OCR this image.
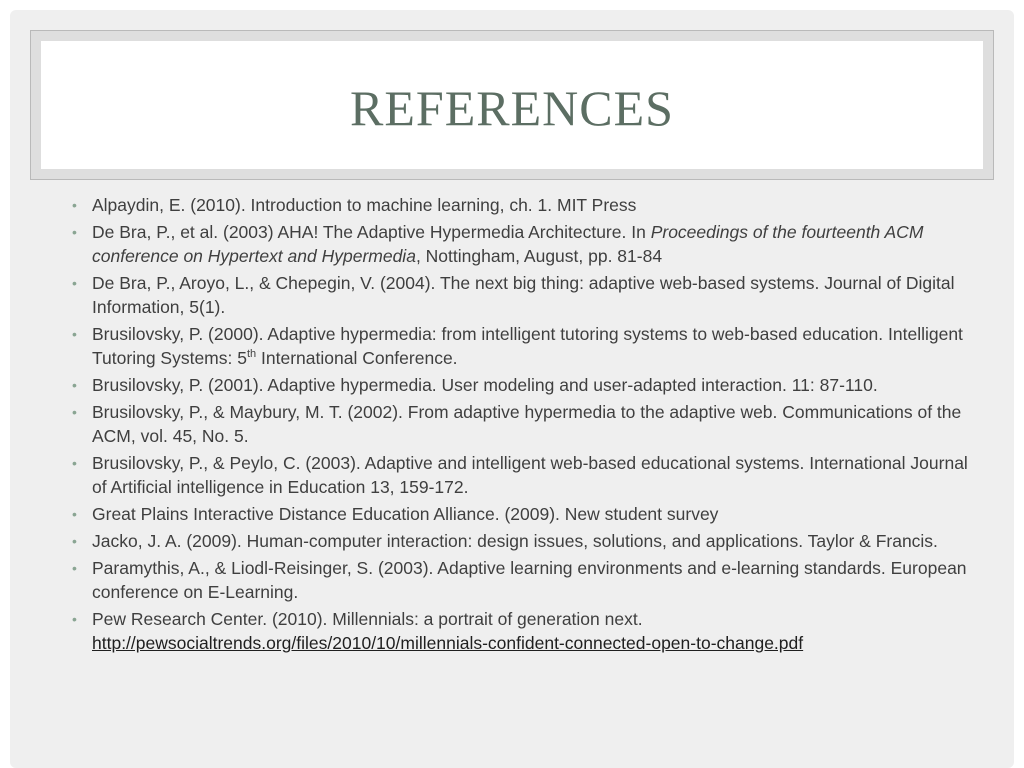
REFERENCES
• Alpaydin, E. (2010). Introduction to machine learning, ch. 1. MIT Press
• De Bra, P., et al. (2003) AHA! The Adaptive Hypermedia Architecture. In Proceedings of the fourteenth ACM conference on Hypertext and Hypermedia, Nottingham, August, pp. 81-84
• De Bra, P., Aroyo, L., & Chepegin, V. (2004). The next big thing: adaptive web-based systems. Journal of Digital Information, 5(1).
• Brusilovsky, P. (2000). Adaptive hypermedia: from intelligent tutoring systems to web-based education. Intelligent Tutoring Systems: 5th International Conference.
• Brusilovsky, P. (2001). Adaptive hypermedia. User modeling and user-adapted interaction. 11: 87-110.
• Brusilovsky, P., & Maybury, M. T. (2002). From adaptive hypermedia to the adaptive web. Communications of the ACM, vol. 45, No. 5.
• Brusilovsky, P., & Peylo, C. (2003). Adaptive and intelligent web-based educational systems. International Journal of Artificial intelligence in Education 13, 159-172.
• Great Plains Interactive Distance Education Alliance. (2009). New student survey
• Jacko, J. A. (2009). Human-computer interaction: design issues, solutions, and applications. Taylor & Francis.
• Paramythis, A., & Liodl-Reisinger, S. (2003). Adaptive learning environments and e-learning standards. European conference on E-Learning.
• Pew Research Center. (2010). Millennials: a portrait of generation next.
http://pewsocialtrends.org/files/2010/10/millennials-confident-connected-open-to-change.pdf
